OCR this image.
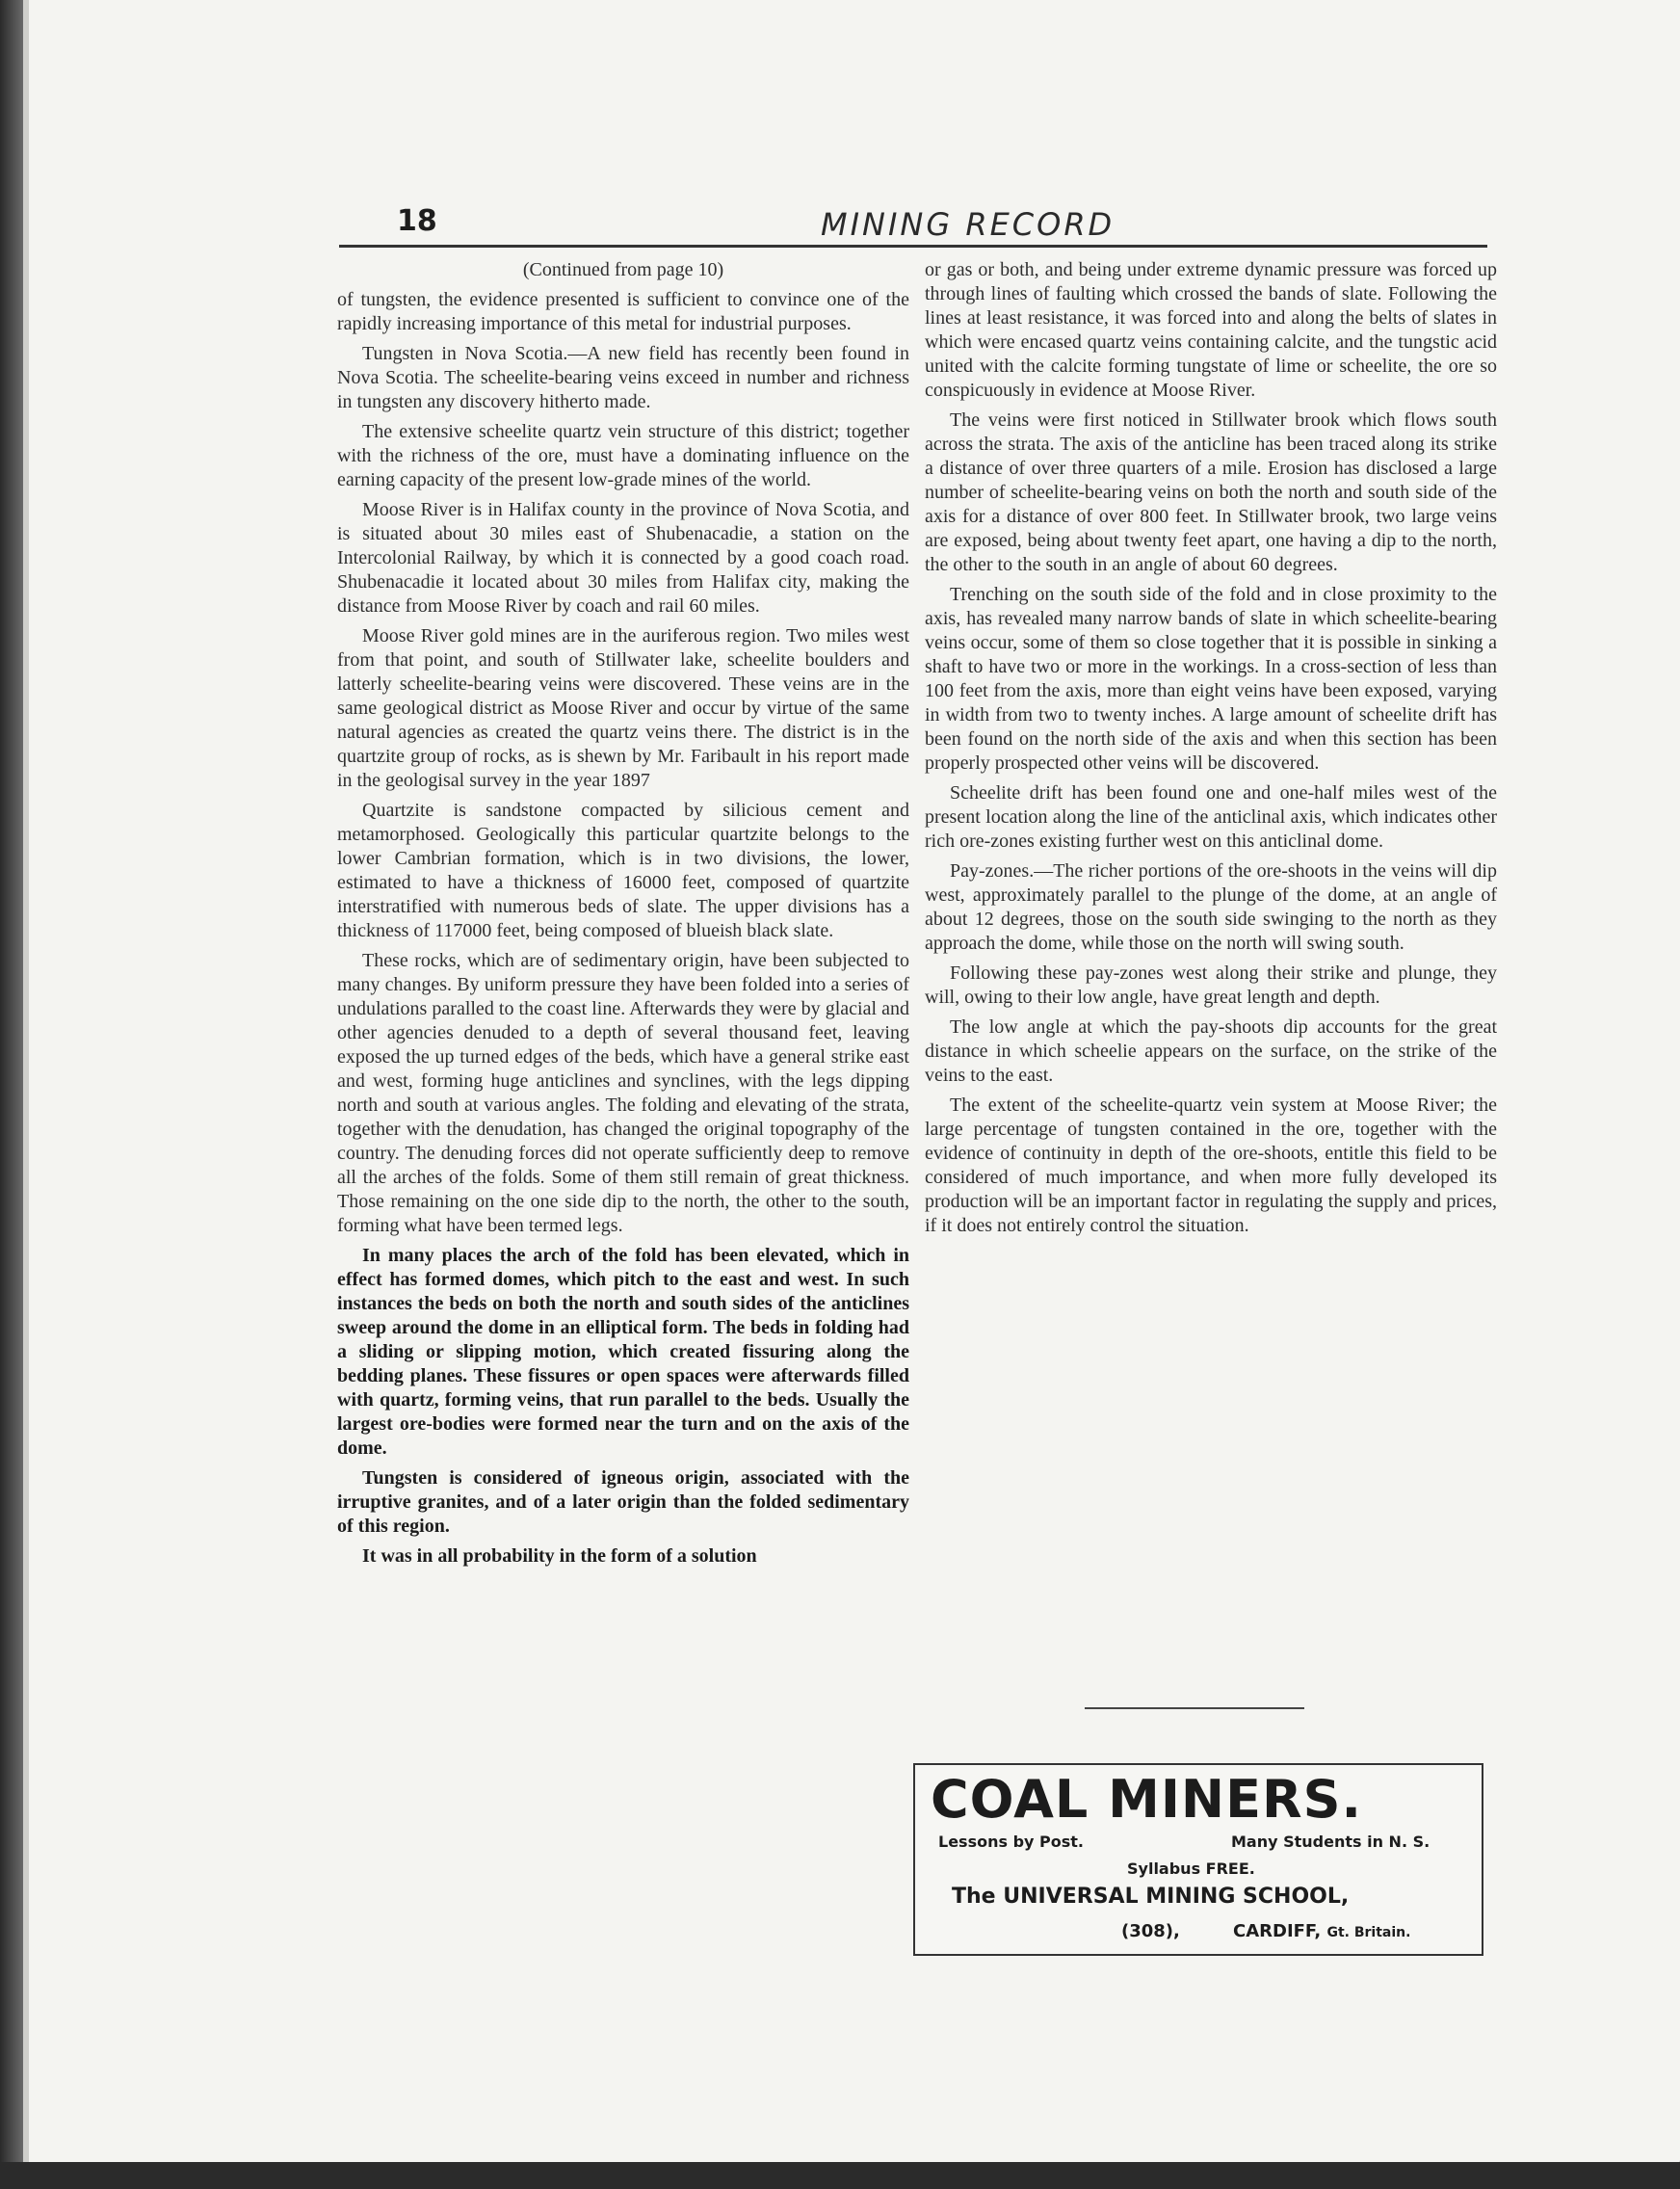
18	MINING RECORD

(Continued from page 10)

of tungsten, the evidence presented is sufficient to convince one of the rapidly increasing importance of this metal for industrial purposes.

Tungsten in Nova Scotia.—A new field has recently been found in Nova Scotia. The scheelite-bearing veins exceed in number and richness in tungsten any discovery hitherto made.

The extensive scheelite quartz vein structure of this district; together with the richness of the ore, must have a dominating influence on the earning capacity of the present low-grade mines of the world.

Moose River is in Halifax county in the province of Nova Scotia, and is situated about 30 miles east of Shubenacadie, a station on the Intercolonial Railway, by which it is connected by a good coach road. Shubenacadie it located about 30 miles from Halifax city, making the distance from Moose River by coach and rail 60 miles.

Moose River gold mines are in the auriferous region. Two miles west from that point, and south of Stillwater lake, scheelite boulders and latterly scheelite-bearing veins were discovered. These veins are in the same geological district as Moose River and occur by virtue of the same natural agencies as created the quartz veins there. The district is in the quartzite group of rocks, as is shewn by Mr. Faribault in his report made in the geologisal survey in the year 1897

Quartzite is sandstone compacted by silicious cement and metamorphosed. Geologically this particular quartzite belongs to the lower Cambrian formation, which is in two divisions, the lower, estimated to have a thickness of 16000 feet, composed of quartzite interstratified with numerous beds of slate. The upper divisions has a thickness of 117000 feet, being composed of blueish black slate.

These rocks, which are of sedimentary origin, have been subjected to many changes. By uniform pressure they have been folded into a series of undulations paralled to the coast line. Afterwards they were by glacial and other agencies denuded to a depth of several thousand feet, leaving exposed the up turned edges of the beds, which have a general strike east and west, forming huge anticlines and synclines, with the legs dipping north and south at various angles. The folding and elevating of the strata, together with the denudation, has changed the original topography of the country. The denuding forces did not operate sufficiently deep to remove all the arches of the folds. Some of them still remain of great thickness. Those remaining on the one side dip to the north, the other to the south, forming what have been termed legs.

In many places the arch of the fold has been elevated, which in effect has formed domes, which pitch to the east and west. In such instances the beds on both the north and south sides of the anticlines sweep around the dome in an elliptical form. The beds in folding had a sliding or slipping motion, which created fissuring along the bedding planes. These fissures or open spaces were afterwards filled with quartz, forming veins, that run parallel to the beds. Usually the largest ore-bodies were formed near the turn and on the axis of the dome.

Tungsten is considered of igneous origin, associated with the irruptive granites, and of a later origin than the folded sedimentary of this region.

It was in all probability in the form of a solution

or gas or both, and being under extreme dynamic pressure was forced up through lines of faulting which crossed the bands of slate. Following the lines at least resistance, it was forced into and along the belts of slates in which were encased quartz veins containing calcite, and the tungstic acid united with the calcite forming tungstate of lime or scheelite, the ore so conspicuously in evidence at Moose River.

The veins were first noticed in Stillwater brook which flows south across the strata. The axis of the anticline has been traced along its strike a distance of over three quarters of a mile. Erosion has disclosed a large number of scheelite-bearing veins on both the north and south side of the axis for a distance of over 800 feet. In Stillwater brook, two large veins are exposed, being about twenty feet apart, one having a dip to the north, the other to the south in an angle of about 60 degrees.

Trenching on the south side of the fold and in close proximity to the axis, has revealed many narrow bands of slate in which scheelite-bearing veins occur, some of them so close together that it is possible in sinking a shaft to have two or more in the workings. In a cross-section of less than 100 feet from the axis, more than eight veins have been exposed, varying in width from two to twenty inches. A large amount of scheelite drift has been found on the north side of the axis and when this section has been properly prospected other veins will be discovered.

Scheelite drift has been found one and one-half miles west of the present location along the line of the anticlinal axis, which indicates other rich ore-zones existing further west on this anticlinal dome.

Pay-zones.—The richer portions of the ore-shoots in the veins will dip west, approximately parallel to the plunge of the dome, at an angle of about 12 degrees, those on the south side swinging to the north as they approach the dome, while those on the north will swing south.

Following these pay-zones west along their strike and plunge, they will, owing to their low angle, have great length and depth.

The low angle at which the pay-shoots dip accounts for the great distance in which scheelie appears on the surface, on the strike of the veins to the east.

The extent of the scheelite-quartz vein system at Moose River; the large percentage of tungsten contained in the ore, together with the evidence of continuity in depth of the ore-shoots, entitle this field to be considered of much importance, and when more fully developed its production will be an important factor in regulating the supply and prices, if it does not entirely control the situation.

COAL MINERS.
Lessons by Post.	Many Students in N. S.
Syllabus FREE.
The UNIVERSAL MINING SCHOOL,
(308),	CARDIFF, Gt. Britain.
